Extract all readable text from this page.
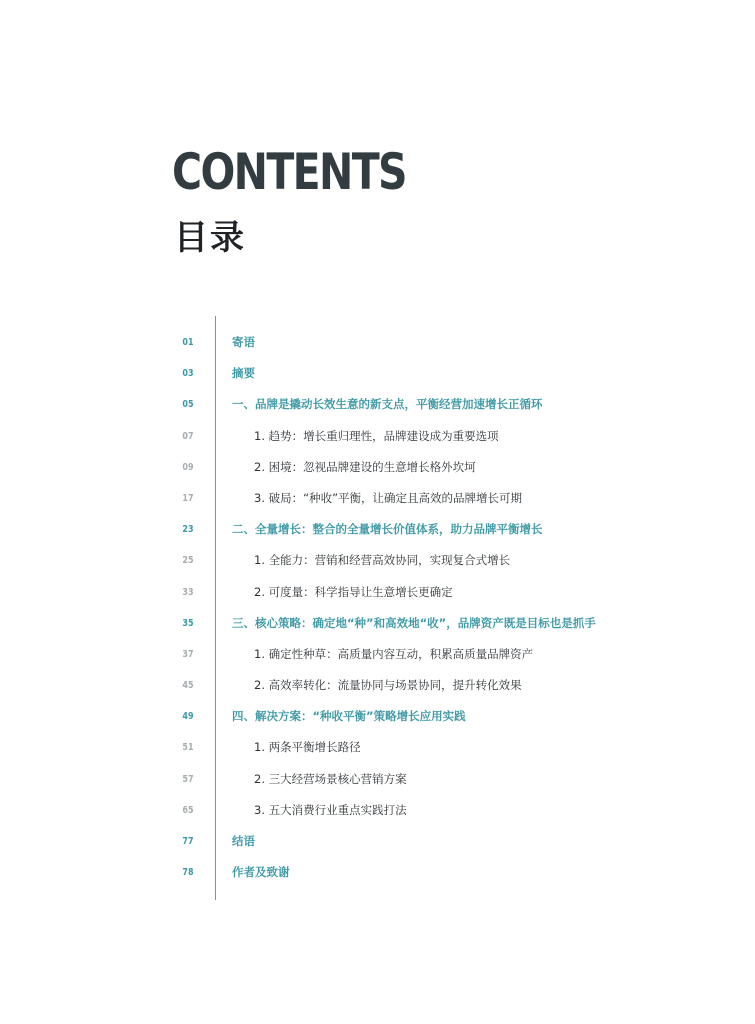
CONTENTS
目录
01	寄语
03	摘要
05	一、品牌是撬动长效生意的新支点，平衡经营加速增长正循环
07	1. 趋势：增长重归理性，品牌建设成为重要选项
09	2. 困境：忽视品牌建设的生意增长格外坎坷
17	3. 破局：“种收”平衡，让确定且高效的品牌增长可期
23	二、全量增长：整合的全量增长价值体系，助力品牌平衡增长
25	1. 全能力：营销和经营高效协同，实现复合式增长
33	2. 可度量：科学指导让生意增长更确定
35	三、核心策略：确定地“种”和高效地“收”，品牌资产既是目标也是抓手
37	1. 确定性种草：高质量内容互动，积累高质量品牌资产
45	2. 高效率转化：流量协同与场景协同，提升转化效果
49	四、解决方案：“种收平衡”策略增长应用实践
51	1. 两条平衡增长路径
57	2. 三大经营场景核心营销方案
65	3. 五大消费行业重点实践打法
77	结语
78	作者及致谢
